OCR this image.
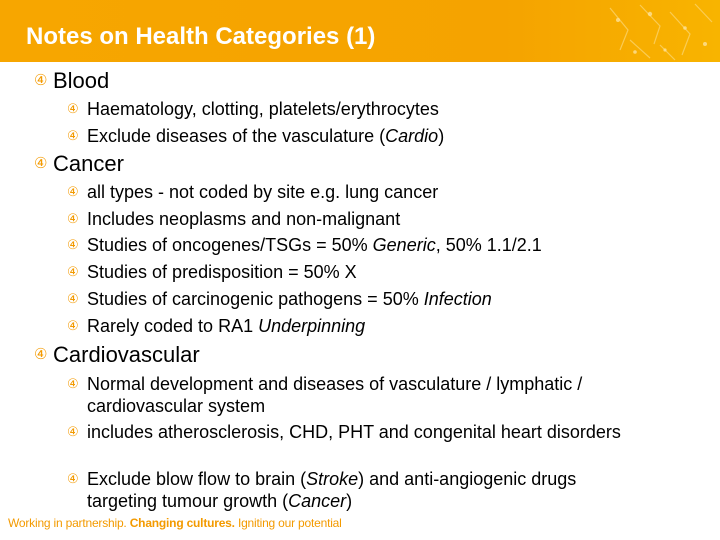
Notes on Health Categories (1)
④ Blood
④ Haematology, clotting, platelets/erythrocytes
④ Exclude diseases of the vasculature (Cardio)
④ Cancer
④ all types - not coded by site e.g. lung cancer
④ Includes neoplasms and non-malignant
④ Studies of oncogenes/TSGs = 50% Generic, 50% 1.1/2.1
④ Studies of predisposition = 50% X
④ Studies of carcinogenic pathogens = 50% Infection
④ Rarely coded to RA1 Underpinning
④ Cardiovascular
④ Normal development and diseases of vasculature / lymphatic / cardiovascular system
④ includes atherosclerosis, CHD, PHT and congenital heart disorders
④ Exclude blow flow to brain (Stroke) and anti-angiogenic drugs targeting tumour growth (Cancer)
Working in partnership. Changing cultures. Igniting our potential
